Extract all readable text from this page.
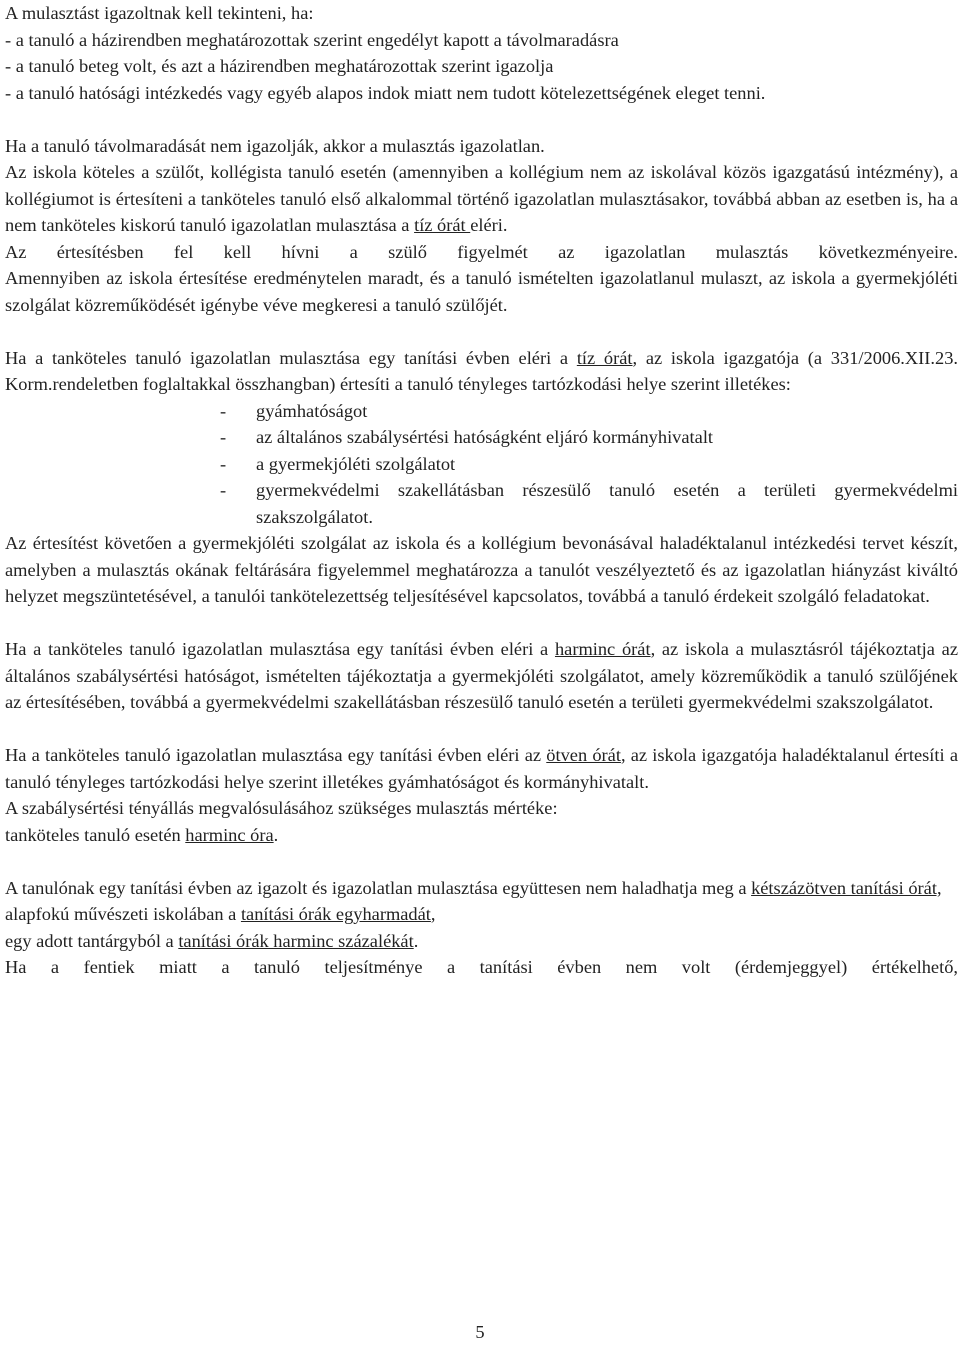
A mulasztást igazoltnak kell tekinteni, ha:

- a tanuló a házirendben meghatározottak szerint engedélyt kapott a távolmaradásra

- a tanuló beteg volt, és azt a házirendben meghatározottak szerint igazolja

- a tanuló hatósági intézkedés vagy egyéb alapos indok miatt nem tudott kötelezettségének eleget tenni.

Ha a tanuló távolmaradását nem igazolják, akkor a mulasztás igazolatlan.

Az iskola köteles a szülőt, kollégista tanuló esetén (amennyiben a kollégium nem az iskolával közös igazgatású intézmény), a kollégiumot is értesíteni a tanköteles tanuló első alkalommal történő igazolatlan mulasztásakor, továbbá abban az esetben is, ha a nem tanköteles kiskorú tanuló igazolatlan mulasztása a tíz órát eléri.

Az értesítésben fel kell hívni a szülő figyelmét az igazolatlan mulasztás következményeire.

Amennyiben az iskola értesítése eredménytelen maradt, és a tanuló ismételten igazolatlanul mulaszt, az iskola a gyermekjóléti szolgálat közreműködését igénybe véve megkeresi a tanuló szülőjét.

Ha a tanköteles tanuló igazolatlan mulasztása egy tanítási évben eléri a tíz órát, az iskola igazgatója (a 331/2006.XII.23. Korm.rendeletben foglaltakkal összhangban) értesíti a tanuló tényleges tartózkodási helye szerint illetékes:

- gyámhatóságot
- az általános szabálysértési hatóságként eljáró kormányhivatalt
- a gyermekjóléti szolgálatot
- gyermekvédelmi szakellátásban részesülő tanuló esetén a területi gyermekvédelmi szakszolgálatot.

Az értesítést követően a gyermekjóléti szolgálat az iskola és a kollégium bevonásával haladéktalanul intézkedési tervet készít, amelyben a mulasztás okának feltárására figyelemmel meghatározza a tanulót veszélyeztető és az igazolatlan hiányzást kiváltó helyzet megszüntetésével, a tanulói tankötelezettség teljesítésével kapcsolatos, továbbá a tanuló érdekeit szolgáló feladatokat.

Ha a tanköteles tanuló igazolatlan mulasztása egy tanítási évben eléri a harminc órát, az iskola a mulasztásról tájékoztatja az általános szabálysértési hatóságot, ismételten tájékoztatja a gyermekjóléti szolgálatot, amely közreműködik a tanuló szülőjének az értesítésében, továbbá a gyermekvédelmi szakellátásban részesülő tanuló esetén a területi gyermekvédelmi szakszolgálatot.

Ha a tanköteles tanuló igazolatlan mulasztása egy tanítási évben eléri az ötven órát, az iskola igazgatója haladéktalanul értesíti a tanuló tényleges tartózkodási helye szerint illetékes gyámhatóságot és kormányhivatalt.

A szabálysértési tényállás megvalósulásához szükséges mulasztás mértéke:

tanköteles tanuló esetén harminc óra.

A tanulónak egy tanítási évben az igazolt és igazolatlan mulasztása együttesen nem haladhatja meg a kétszázötven tanítási órát,

alapfokú művészeti iskolában a tanítási órák egyharmadát,

egy adott tantárgyból a tanítási órák harminc százalékát.

Ha a fentiek miatt a tanuló teljesítménye a tanítási évben nem volt (érdemjeggyel) értékelhető,

5
